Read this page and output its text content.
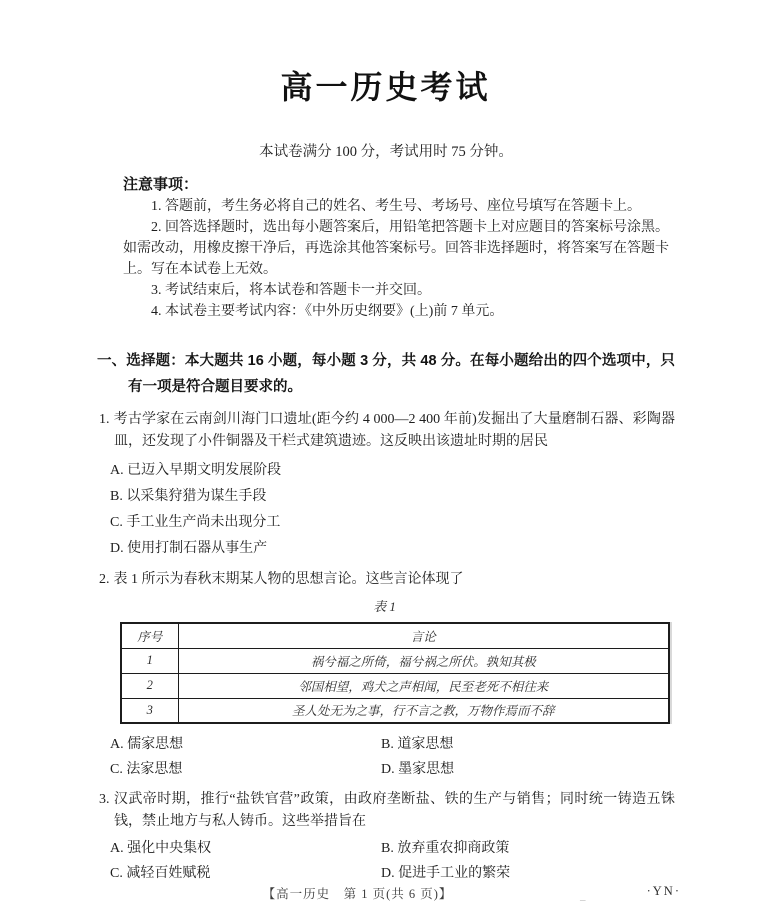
高一历史考试
本试卷满分 100 分，考试用时 75 分钟。
注意事项：

1. 答题前，考生务必将自己的姓名、考生号、考场号、座位号填写在答题卡上。

2. 回答选择题时，选出每小题答案后，用铅笔把答题卡上对应题目的答案标号涂黑。如需改动，用橡皮擦干净后，再选涂其他答案标号。回答非选择题时，将答案写在答题卡上。写在本试卷上无效。

3. 考试结束后，将本试卷和答题卡一并交回。

4. 本试卷主要考试内容：《中外历史纲要》(上)前 7 单元。

一、选择题：本大题共 16 小题，每小题 3 分，共 48 分。在每小题给出的四个选项中，只有一项是符合题目要求的。
1. 考古学家在云南剑川海门口遗址(距今约 4 000—2 400 年前)发掘出了大量磨制石器、彩陶器皿，还发现了小件铜器及干栏式建筑遗迹。这反映出该遗址时期的居民
A. 已迈入早期文明发展阶段
B. 以采集狩猎为谋生手段
C. 手工业生产尚未出现分工
D. 使用打制石器从事生产
2. 表 1 所示为春秋末期某人物的思想言论。这些言论体现了
表 1
序号	言论
1	祸兮福之所倚，福兮祸之所伏。孰知其极
2	邻国相望，鸡犬之声相闻，民至老死不相往来
3	圣人处无为之事，行不言之教，万物作焉而不辞
A. 儒家思想	B. 道家思想
C. 法家思想	D. 墨家思想
3. 汉武帝时期，推行“盐铁官营”政策，由政府垄断盐、铁的生产与销售；同时统一铸造五铢钱，禁止地方与私人铸币。这些举措旨在
A. 强化中央集权	B. 放弃重农抑商政策
C. 减轻百姓赋税	D. 促进手工业的繁荣
【高一历史　第 1 页(共 6 页)】	_	·YN·
